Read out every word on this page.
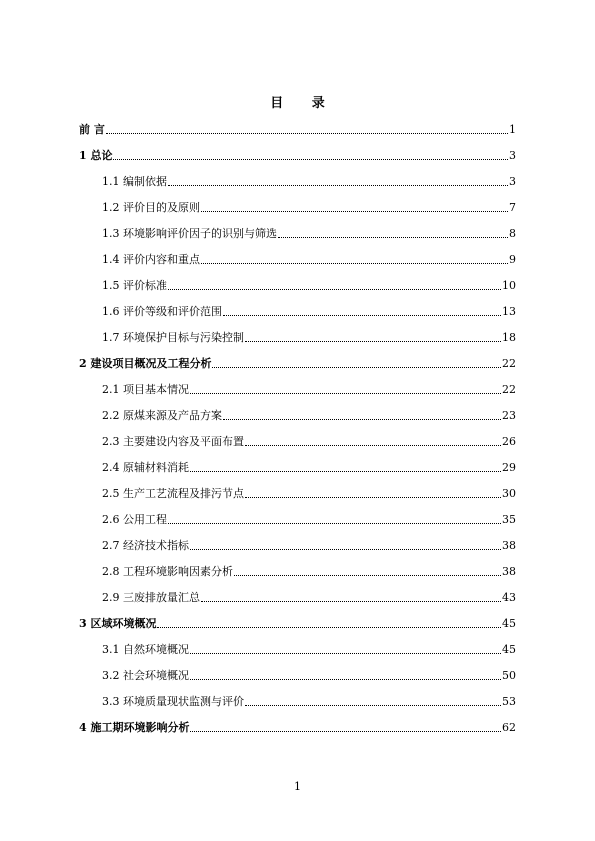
目 录
前 言	1
1 总论	3
1.1 编制依据	3
1.2 评价目的及原则	7
1.3 环境影响评价因子的识别与筛选	8
1.4 评价内容和重点	9
1.5 评价标准	10
1.6 评价等级和评价范围	13
1.7 环境保护目标与污染控制	18
2 建设项目概况及工程分析	22
2.1 项目基本情况	22
2.2 原煤来源及产品方案	23
2.3 主要建设内容及平面布置	26
2.4 原辅材料消耗	29
2.5 生产工艺流程及排污节点	30
2.6 公用工程	35
2.7 经济技术指标	38
2.8 工程环境影响因素分析	38
2.9 三废排放量汇总	43
3 区域环境概况	45
3.1 自然环境概况	45
3.2 社会环境概况	50
3.3 环境质量现状监测与评价	53
4 施工期环境影响分析	62
1
